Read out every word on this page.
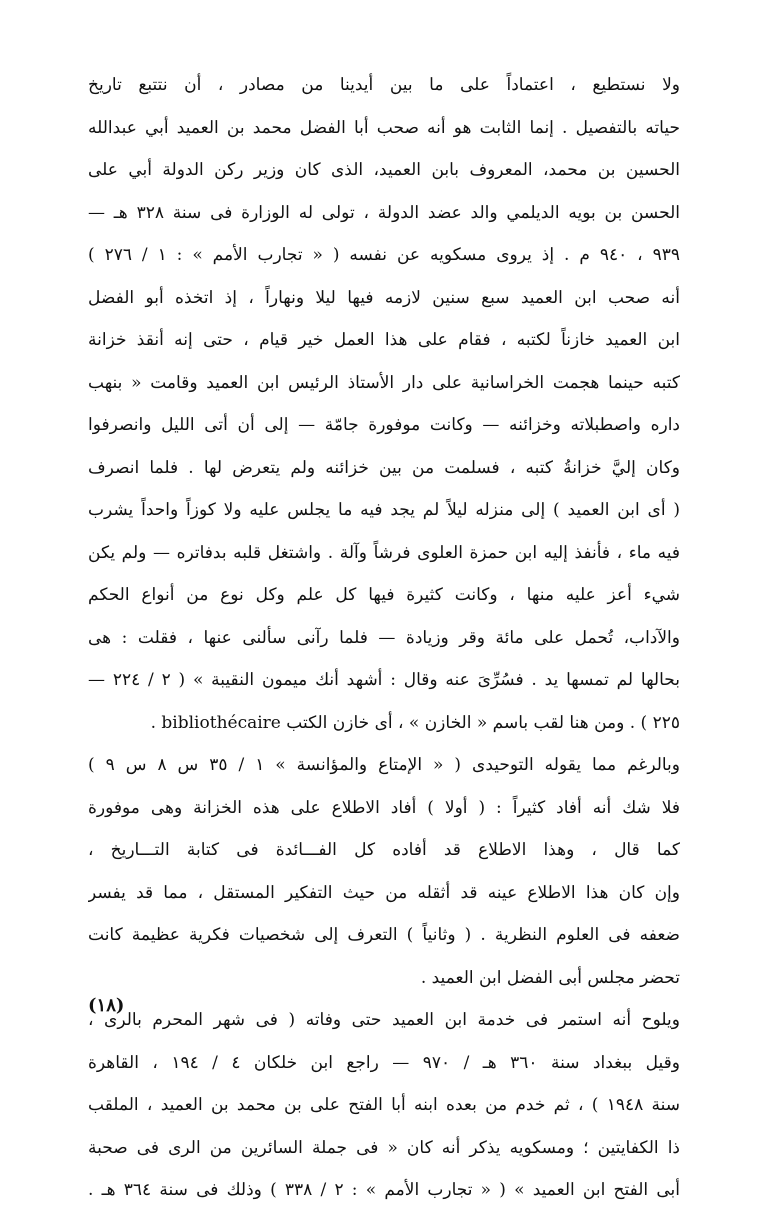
ولا نستطيع ، اعتماداً على ما بين أيدينا من مصادر ، أن نتتبع تاريخ
حياته بالتفصيل . إنما الثابت هو أنه صحب أبا الفضل محمد بن العميد أبي عبدالله
الحسين بن محمد، المعروف بابن العميد، الذى كان وزير ركن الدولة أبي على
الحسن بن بويه الديلمي والد عضد الدولة ، تولى له الوزارة فى سنة ٣٢٨ هـ —
٩٣٩ ، ٩٤٠ م . إذ يروى مسكويه عن نفسه ( « تجارب الأمم » : ١ / ٢٧٦ )
أنه صحب ابن العميد سبع سنين لازمه فيها ليلا ونهاراً ، إذ اتخذه أبو الفضل
ابن العميد خازناً لكتبه ، فقام على هذا العمل خير قيام ، حتى إنه أنقذ خزانة
كتبه حينما هجمت الخراسانية على دار الأستاذ الرئيس ابن العميد وقامت « بنهب
داره واصطبلاته وخزائنه — وكانت موفورة جامّة — إلى أن أتى الليل وانصرفوا
وكان إليَّ خزانةُ كتبه ، فسلمت من بين خزائنه ولم يتعرض لها . فلما انصرف
( أى ابن العميد ) إلى منزله ليلاً لم يجد فيه ما يجلس عليه ولا كوزاً واحداً يشرب
فيه ماء ، فأنفذ إليه ابن حمزة العلوى فرشاً وآلة . واشتغل قلبه بدفاتره — ولم يكن
شيء أعز عليه منها ، وكانت كثيرة فيها كل علم وكل نوع من أنواع الحكم
والآداب، تُحمل على مائة وقر وزيادة — فلما رآنى سألنى عنها ، فقلت : هى
بحالها لم تمسها يد . فسُرِّىَ عنه وقال : أشهد أنك ميمون النقيبة » ( ٢ / ٢٢٤ —
٢٢٥ ) . ومن هنا لقب باسم « الخازن » ، أى خازن الكتب bibliothécaire .
وبالرغم مما يقوله التوحيدى ( « الإمتاع والمؤانسة » ١ / ٣٥ س ٨ س ٩ )
فلا شك أنه أفاد كثيراً : ( أولا ) أفاد الاطلاع على هذه الخزانة وهى موفورة
كما قال ، وهذا الاطلاع قد أفاده كل الفـــائدة فى كتابة التـــاريخ ،
وإن كان هذا الاطلاع عينه قد أثقله من حيث التفكير المستقل ، مما قد يفسر
ضعفه فى العلوم النظرية . ( وثانياً ) التعرف إلى شخصيات فكرية عظيمة كانت
تحضر مجلس أبى الفضل ابن العميد .
ويلوح أنه استمر فى خدمة ابن العميد حتى وفاته ( فى شهر المحرم بالرى ،
وقيل ببغداد سنة ٣٦٠ هـ / ٩٧٠ — راجع ابن خلكان ٤ / ١٩٤ ، القاهرة
سنة ١٩٤٨ ) ، ثم خدم من بعده ابنه أبا الفتح على بن محمد بن العميد ، الملقب
ذا الكفايتين ؛ ومسكويه يذكر أنه كان « فى جملة السائرين من الرى فى صحبة
أبى الفتح ابن العميد » ( « تجارب الأمم » : ٢ / ٣٣٨ ) وذلك فى سنة ٣٦٤ هـ .
(١٨)
